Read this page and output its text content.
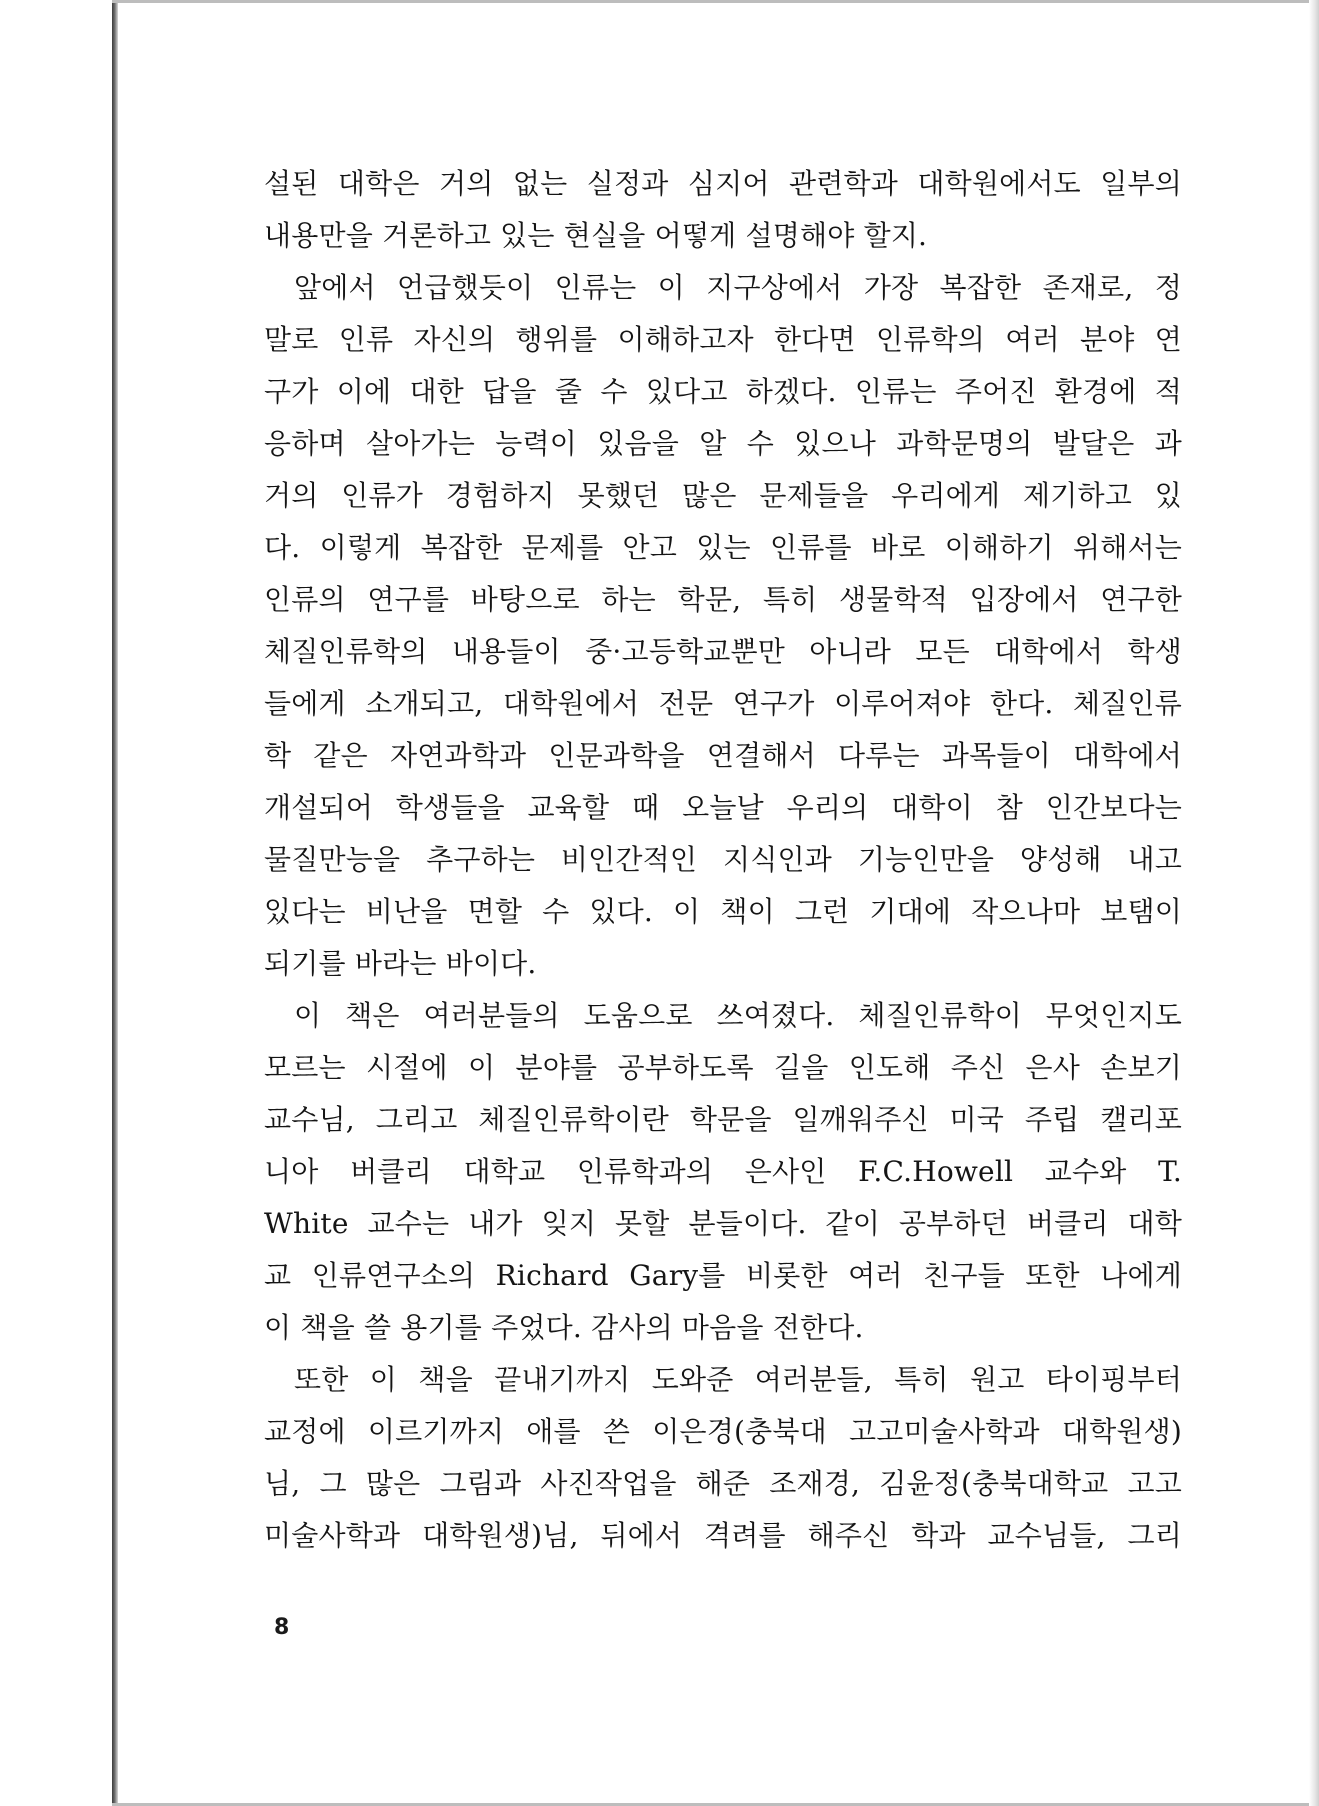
설된 대학은 거의 없는 실정과 심지어 관련학과 대학원에서도 일부의
내용만을 거론하고 있는 현실을 어떻게 설명해야 할지.
앞에서 언급했듯이 인류는 이 지구상에서 가장 복잡한 존재로, 정
말로 인류 자신의 행위를 이해하고자 한다면 인류학의 여러 분야 연
구가 이에 대한 답을 줄 수 있다고 하겠다. 인류는 주어진 환경에 적
응하며 살아가는 능력이 있음을 알 수 있으나 과학문명의 발달은 과
거의 인류가 경험하지 못했던 많은 문제들을 우리에게 제기하고 있
다. 이렇게 복잡한 문제를 안고 있는 인류를 바로 이해하기 위해서는
인류의 연구를 바탕으로 하는 학문, 특히 생물학적 입장에서 연구한
체질인류학의 내용들이 중·고등학교뿐만 아니라 모든 대학에서 학생
들에게 소개되고, 대학원에서 전문 연구가 이루어져야 한다. 체질인류
학 같은 자연과학과 인문과학을 연결해서 다루는 과목들이 대학에서
개설되어 학생들을 교육할 때 오늘날 우리의 대학이 참 인간보다는
물질만능을 추구하는 비인간적인 지식인과 기능인만을 양성해 내고
있다는 비난을 면할 수 있다. 이 책이 그런 기대에 작으나마 보탬이
되기를 바라는 바이다.
이 책은 여러분들의 도움으로 쓰여졌다. 체질인류학이 무엇인지도
모르는 시절에 이 분야를 공부하도록 길을 인도해 주신 은사 손보기
교수님, 그리고 체질인류학이란 학문을 일깨워주신 미국 주립 캘리포
니아 버클리 대학교 인류학과의 은사인 F.C.Howell 교수와 T.
White 교수는 내가 잊지 못할 분들이다. 같이 공부하던 버클리 대학
교 인류연구소의 Richard Gary를 비롯한 여러 친구들 또한 나에게
이 책을 쓸 용기를 주었다. 감사의 마음을 전한다.
또한 이 책을 끝내기까지 도와준 여러분들, 특히 원고 타이핑부터
교정에 이르기까지 애를 쓴 이은경(충북대 고고미술사학과 대학원생)
님, 그 많은 그림과 사진작업을 해준 조재경, 김윤정(충북대학교 고고
미술사학과 대학원생)님, 뒤에서 격려를 해주신 학과 교수님들, 그리
8
